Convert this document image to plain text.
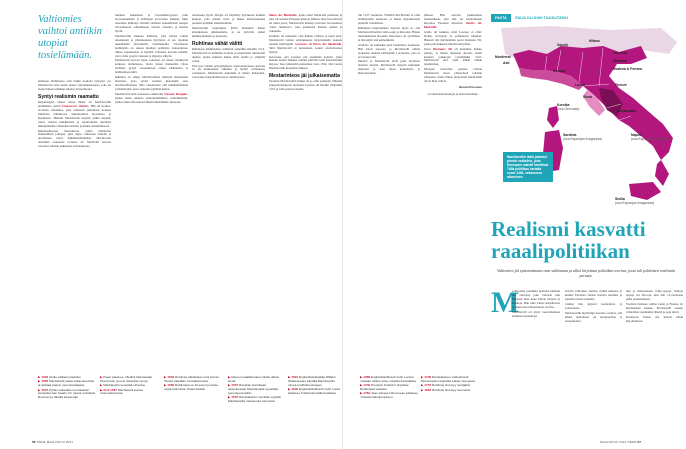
Valtiomies vaihtoi antiikin utopiat tosielämään.

tamiseen. Ruhtinassa olisi tuskin koskaan syntynyt, jos Machiavelli olisi saanut jatkaa valtiomiesuraansa, joka oli vienyt hänen kaikkien aikansa ja huomiossa.

Syntyi realismin raamattu

Kirjoitustyön tärkeä tausta lähtee oli Machiavellin elinikäinen ystävä Francesco Vettori. Hän oli korkea-arvoinen virkamies, joka ommensi jatkamaan uraansa Medicien hallinnossa diplomaattina Roomassa ja Ranskassa. Hänelle Machiavelli kirjoitti pitkiä kirjeitä, joissa vaustui kaikkinaisia ja loputtomasti mietittyä näkemyksiään valtioiden toimista ja niiden onnistumisesta.

Ruhtinaskirjassa muotokuvaa erästä hahmonsa ihanteellisen johtajan, joka ohjaa valtiotaan taidolla ja tarvittaessa myös häikäilemättömästi. Machiavelli omistikin teoksensa Lorenzo de' Medicille toivoen saavansa takaisin paikkansa palveluksessa.

tuminen laskuineen ja vapaamielisyyteen johti levottomuuksiin ja hallitsijan arvovallan laskuun. Siksi toiselleen hallitsija valtiolle sallitaan epäedellisten tekojen turvaamiseen edistääkseen valtion vakautta ja kansan hyvää.

Machiavellin mukaan hallitsija, joka haluaa toimia tehokkaasti ja yhteiskunnan hyödyksi, ei saa rajoittua tekemisiään moraalisilla vaatimuksilla. Tarvittaessa hallitsijalla on oikeus murhata poliittisia vastustajiaan, rikkoa lupauksiaan ja käyttää valtaansa kovalla kädellä, jotta valtio pysyisi vakaana ja järjestys säilyisi.

Machiavelli korosti myös kohtalon eli onnen merkitystä kaikessa toiminnassa, mutta hänen mielestään viisas hallitsija pystyi varautumaan onnen käänteisiin ja hallitsemaan niitä.

Ruhtinas on tehnyt Machiavellista nimensä ikuistaneen käsitteen, josta syntyi suomen kieleenkin sana machiavellistinen. Sillä tarkoitetaan yhä häikäilemätöntä vallankäyttöä, jossa tarkoitus pyhittää keinot.

Machiavelli esitti teoksensa esikuvaksi Cesare Borgian, yhden oman aikansa armottomimmista valtiomiehistä, jonka toimia hän seurasi läheltä lähettiläänä ollessaan.

tuntemaan hyvin. Borgia oli käyttänyt hyväkseen kaikkia keinoja, joita tilanne vaati, ja hänen menestyksensä perustui kylmään laskelmointiin.

Machiavellin kirjoitukset jäivät kuitenkin hänen elinaikanaan julkaisematta, ja ne levisivät aluksi käsikirjoituksina ja kopioina.

Ruhtinas vähät välitti

Ruhtinaan käsikirjoitus valmistui samoihin aikoihin 1514. Machiavelli oli nimittäin tuolloin jo kirjoittanut ruhtinaalle ohjeita, joiden mukaan hänen tulisi toimia ja ylläpitää valtaa.

Pian teos valmui pelvaymyksen. Sanavalintojensa ansiosta se jäi keskustelun aiheeksi ja herätti voimakasta vastustusta. Machiavelli kuitenkin ei jäänyt katkeraksi, vaan jatkoi kirjoittamistaan ja toimintaansa.

Iliano de' Medicille, jonka tanni Medicistä parhaiten ja joka oli noussut Firenzen johtoon jälkeen. Kun Giovannista oli tullut paavi, Machiavelli ilmestyi toivonsa Giovannissa "uutta ruhtinasta", joka palauttaisi Italiaan rauhan ja vakauden.

Giuliano oli kuitenkin vain hetken vallassa ja kuoli pian. Machiavelli vaihtoi omistuksensa kirjoittamalla teoksen uudelle hallitsijalle: Lorenzo di Piero de' Medicille Siitä Machiavelli ei kuitenkaan saanut odottamaansa hyötyä.

Kerrotaan, että Lorenzo piti enemmän koirista, jotka hänelle tuotiin lahjaksi samana päivänä, kuin Machiavellin kirjasta. Teos julkaistiin painettuna vasta 1532, viisi vuotta Machiavellin kuoleman jälkeen.

Mestarinteos jäi julkaisematta

Tuolloin Machiavellin lisäksi oli jo ollut palaneita. Hänelle suurpentymykseen tuottanut Lorenzo oli kuollut ylläpitäen 1519 ja valta palasi toisaalle.

▶ 1523 Giulio valitaan paaviksi.
▶ 1525 Machiavelli palaa virkamiesuralle ja aloittaa paavin neuvonantajana.
▶ 1527 Pyhän saksalais-roomalaisen keisarikunnan Kaarle V:n joukot ryöstävät Rooman ja häviää kaupungin.
▶ Paavi pakenee, Medicit karkotetaan Firenzestä, ja uusi tasavalta syntyy.
▶ Machiavelli menettää virkansa.
▶ 21.6.1527 Machiavelli kuolee tuntemattomana.
▶ 1532 Ruhtinas julkaistaan ensi kerran. Teosta pidetään moraalittomana.
▶ 1559 Ruhtinasta on ilmestynyt useita uusia painoksia. Paavi kieltää
▶ kirjan moraalittomana. Mahe alkaa levitä.
▶ 1572 Ranskan kuninkaan saapuessaan Machiavellia syytetään perusteena lakiin.
▶ 1576 Ranskalainen Gentillet syyttää Machiavellia maineensa turmiosta.
▶ 1591 Englantilaiskirjailija William Shakespeare käyttää Machiavellin nimeä roolihahmoissaan.
▶ 1640 Englantilaisfilosofi John Locke julkaisee Tutkielmia hallitusvallasta.
56 TIEDE MAALISKUU 2014

tiin 1527 vuonnaan. Yhtäältä Machiavelli ei ollut hallitsijoiden suosiossa ja hänen kirjoituksiaan pidettiin vaarallisina.

Ruhtinaan kirjoittamista helpotti myös se, että Machiavelli hallitsi valtio-opin ja historian. Hänen tuntemuksensa Rooman historiasta oli syvällinen ja hän käytti sitä esimerkkinä.

Giuliano oli kuitenkin pian hankalassa asemassa. Hän kuoli nuorena, ja Machiavelli omisti teoksensa uudelle hallitsijalle Lorenzolle, joka ei arvostanut sitä.

Medicit ja Machiavelli eivät juuri löytäneet yhteistä säveltä. Machiavelli kirjoitti kuitenkin ahkerasti ja laati myös komedioita ja historiateoksia.

jälkeen. Hän saavutti jonkinlaisen tunnustuksen, kun hän sai tehtäväkseen kirjoittaa Firenzen historian. Giulio de' Medicille

Giulio oli kaikkea, mitä Lorenzo ei ollut: älykäs, sivistynyt ja poliittisesti lahjakas. Hänestä tuli myöhemmin paavi Klemens VII, jonka palvelukseen Machiavelli pääsi.

Paavi Klemens VII oli kuitenkin heikko johtaja, ja hänen aikanaan Rooma joutui keisarin joukkojen ryöstämäksi 1527. Machiavelli ehti vielä nähdä tämän tapahtuman.

Firenzen tasavallan palattua valtaan Machiavelli toivoi pääsevänsä takaisin virkaansa, mutta hänen yhteytensä Mediceihin olivat liian vahvat.

Hannu Pesonen

on ulkomaantoimittaja ja historiantutkija.

FAKTA ITALIA OLI KUIN TILKKUTÄKKI
Savoiji
Milano
Monferrat
Asti
Venetsia
Mantova
Modena & Ferrara
Genova
Lucca	Firenze
Siena
Kirkkovaltio
Korsika
(osa Genovaa)
Sardinia
(osa Espanjan Aragoniaa)
Napoli
(osa Espanjan Aragoniaa)
Sisilia
(osa Espanjan Aragoniaa)
Machiavellin Italia jakautui pieniin valtioihin, joita Euroopan mahdit hamitivat. Tällä politiikan kartalla vuosi 1494, sekasorron alkaminen.
Realismi kasvatti raaalipolitiikan
Valtiomies jäi epäonnistunut oma vallastaan ja alkoi kirjoittaa politiikan teoriaa, josta tuli poliittisen realismin perusta.
M

achiavellie politiikka ajattelua käsitteli sitä vahvasti, joka vahvasti niin Firenzen kuin koko Italian historia ja tarkkoja. Hän näki valtiot kilpailevina ja jatkuvassa muutoksessa olevina.

Machiavelli oli myös tasavaltalaisen hallinnon kannattaja.

sivuitti valtioiden asemaa, minkä kaikesta ja kuinka Firenzen valtion historia kuuluisi ja esitettiin sitten teokselle.

Lisäksi hän kirjoitti komedioita ja sotataidosta.

Machiavellin myöhempi tuotanto osoittaa, että hänen ajattelunsa oli monipuolista ja tasapainoista.

niin ja Aristotelesen valtio-oppeja. Samoja oppeja sai Niccolò, kun hän 12-vuotiaana pääsi opiskelemaan.

Tuolloin Italiassa vallitsi rauha ja Firenze oli kulttuurinen keskus. Machiavelli seurasi valtiollisia tapahtumia läheltä ja oppi niistä.

Kuohuvan Italian tila innosti häntä kirjoittamaan.

▶ 1689 Englantilaisfilosofi John Locken mukaan valtion tulee suojella kansalaisia.
▶ 1740 Preussin Fredrik II kirjoittaa Ruhtinasta vastaan.
▶ 1762 Jean-Jacques Rousseau julkaisee Yhteiskuntasopimuksen.
▶ 1748 Ranskalainen valtiosilosofi Montesquieu kirjoittaa Lakien hengestä.
▶ 1772 Ruhtinas ilmestyy venäjäksi.
▶ 1818 Ruhtinas ilmestyy suomeksi.
MAALISKUU 2014 TIEDE 57
